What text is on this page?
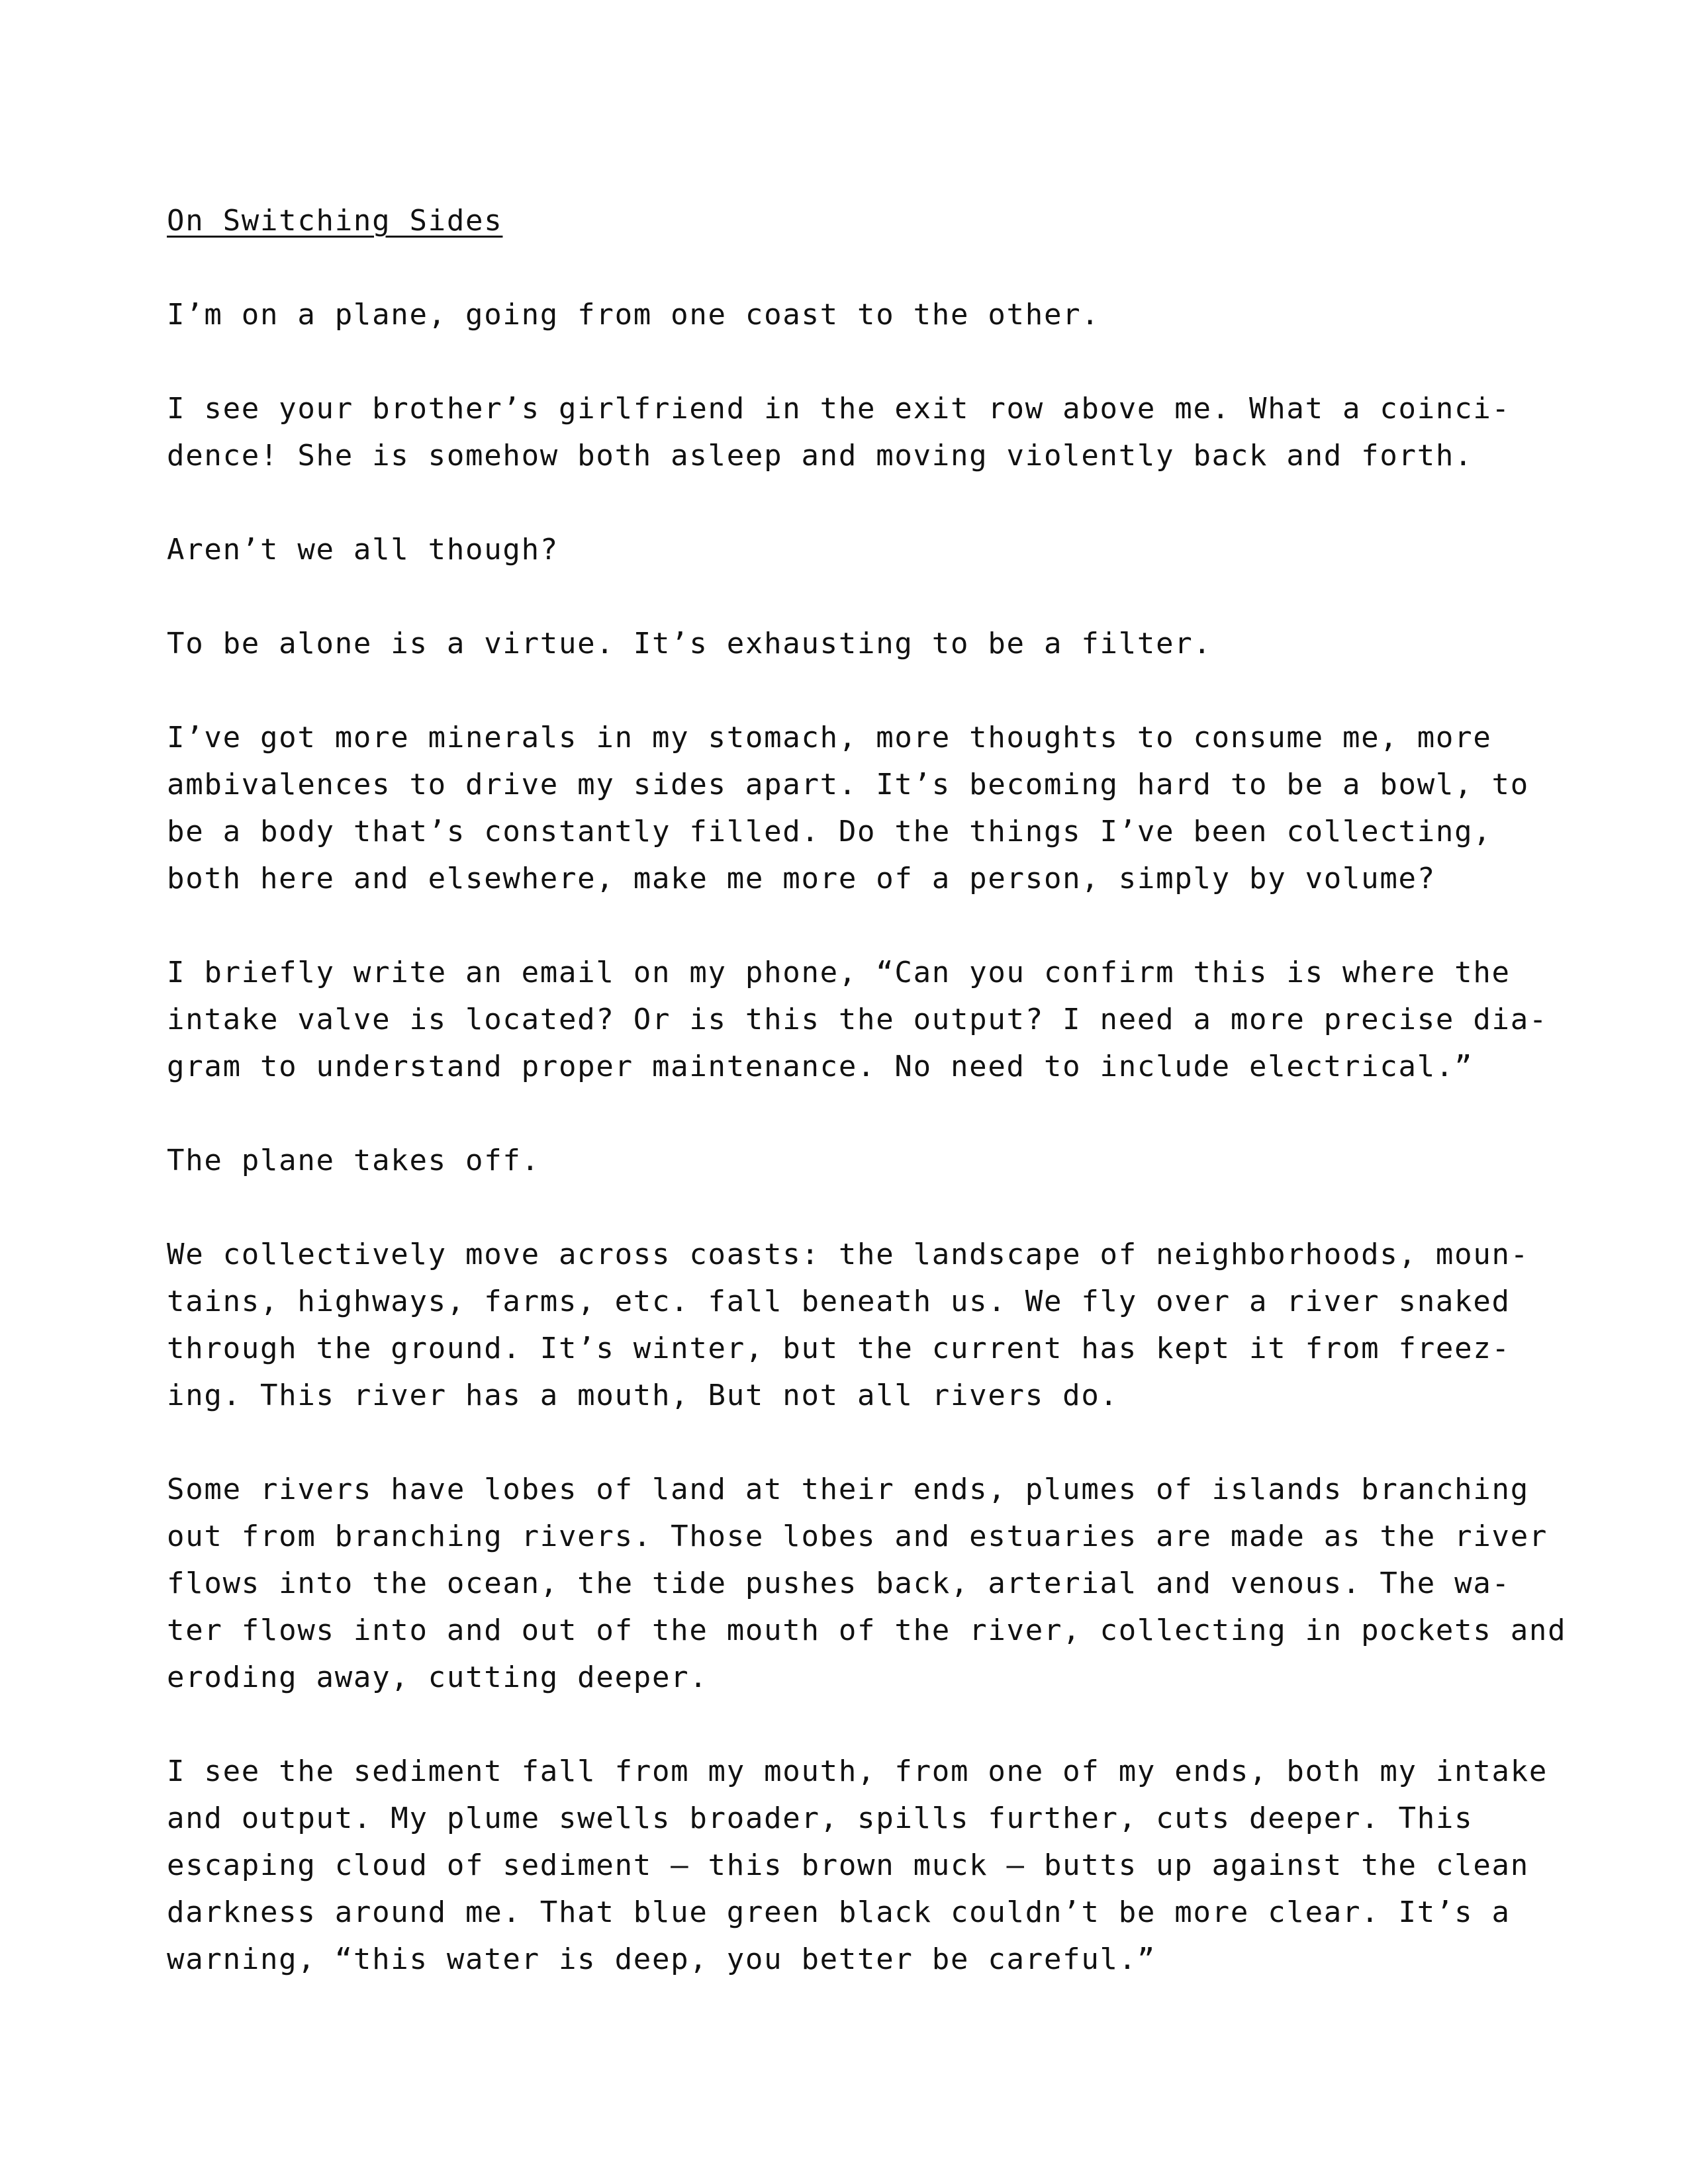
On Switching Sides
I’m on a plane, going from one coast to the other.
I see your brother’s girlfriend in the exit row above me. What a coinci-
dence! She is somehow both asleep and moving violently back and forth.
Aren’t we all though?
To be alone is a virtue. It’s exhausting to be a filter.
I’ve got more minerals in my stomach, more thoughts to consume me, more
ambivalences to drive my sides apart. It’s becoming hard to be a bowl, to
be a body that’s constantly filled. Do the things I’ve been collecting,
both here and elsewhere, make me more of a person, simply by volume?
I briefly write an email on my phone, “Can you confirm this is where the
intake valve is located? Or is this the output? I need a more precise dia-
gram to understand proper maintenance. No need to include electrical.”
The plane takes off.
We collectively move across coasts: the landscape of neighborhoods, moun-
tains, highways, farms, etc. fall beneath us. We fly over a river snaked
through the ground. It’s winter, but the current has kept it from freez-
ing. This river has a mouth, But not all rivers do.
Some rivers have lobes of land at their ends, plumes of islands branching
out from branching rivers. Those lobes and estuaries are made as the river
flows into the ocean, the tide pushes back, arterial and venous. The wa-
ter flows into and out of the mouth of the river, collecting in pockets and
eroding away, cutting deeper.
I see the sediment fall from my mouth, from one of my ends, both my intake
and output. My plume swells broader, spills further, cuts deeper. This
escaping cloud of sediment — this brown muck — butts up against the clean
darkness around me. That blue green black couldn’t be more clear. It’s a
warning, “this water is deep, you better be careful.”
